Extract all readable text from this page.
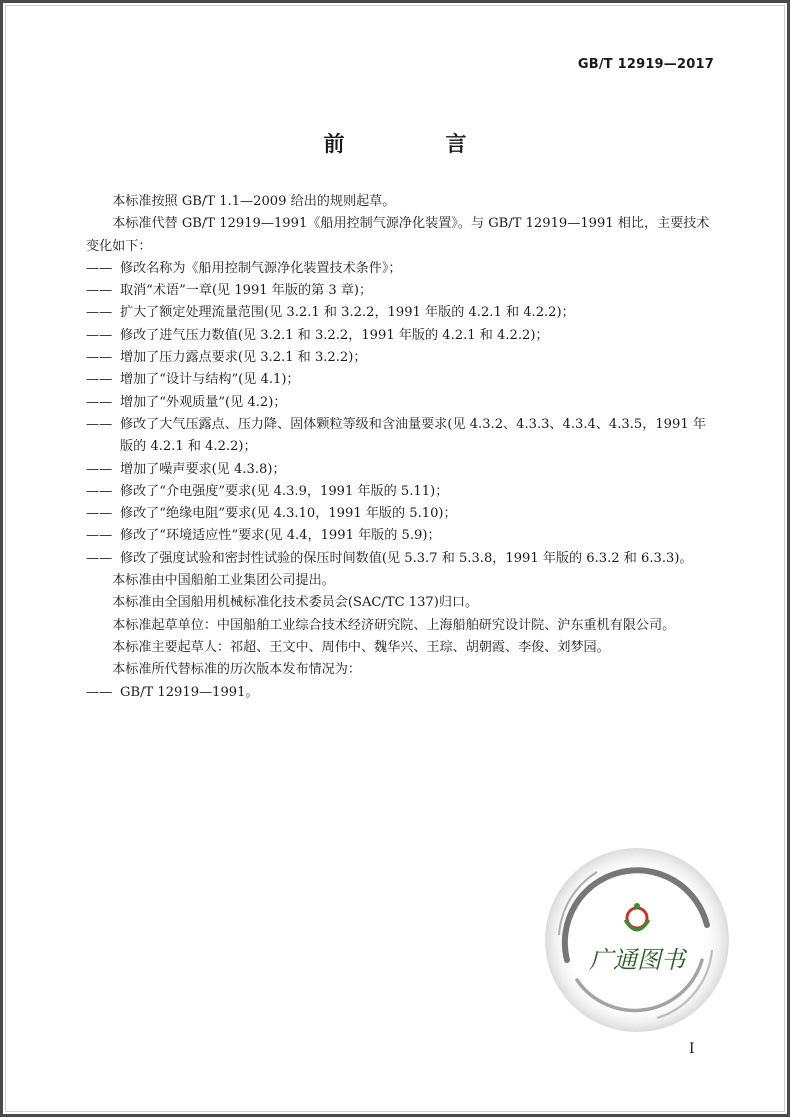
GB/T 12919—2017
前　言

本标准按照 GB/T 1.1—2009 给出的规则起草。

本标准代替 GB/T 12919—1991《船用控制气源净化装置》。与 GB/T 12919—1991 相比，主要技术变化如下：

—— 修改名称为《船用控制气源净化装置技术条件》；
—— 取消“术语”一章(见 1991 年版的第 3 章)；
—— 扩大了额定处理流量范围(见 3.2.1 和 3.2.2，1991 年版的 4.2.1 和 4.2.2)；
—— 修改了进气压力数值(见 3.2.1 和 3.2.2，1991 年版的 4.2.1 和 4.2.2)；
—— 增加了压力露点要求(见 3.2.1 和 3.2.2)；
—— 增加了“设计与结构”(见 4.1)；
—— 增加了“外观质量”(见 4.2)；
—— 修改了大气压露点、压力降、固体颗粒等级和含油量要求(见 4.3.2、4.3.3、4.3.4、4.3.5，1991 年版的 4.2.1 和 4.2.2)；
—— 增加了噪声要求(见 4.3.8)；
—— 修改了“介电强度”要求(见 4.3.9，1991 年版的 5.11)；
—— 修改了“绝缘电阻”要求(见 4.3.10，1991 年版的 5.10)；
—— 修改了“环境适应性”要求(见 4.4，1991 年版的 5.9)；
—— 修改了强度试验和密封性试验的保压时间数值(见 5.3.7 和 5.3.8，1991 年版的 6.3.2 和 6.3.3)。

本标准由中国船舶工业集团公司提出。

本标准由全国船用机械标准化技术委员会(SAC/TC 137)归口。

本标准起草单位：中国船舶工业综合技术经济研究院、上海船舶研究设计院、沪东重机有限公司。

本标准主要起草人：祁超、王文中、周伟中、魏华兴、王琮、胡朝霞、李俊、刘梦园。

本标准所代替标准的历次版本发布情况为：

—— GB/T 12919—1991。
广通图书
I
